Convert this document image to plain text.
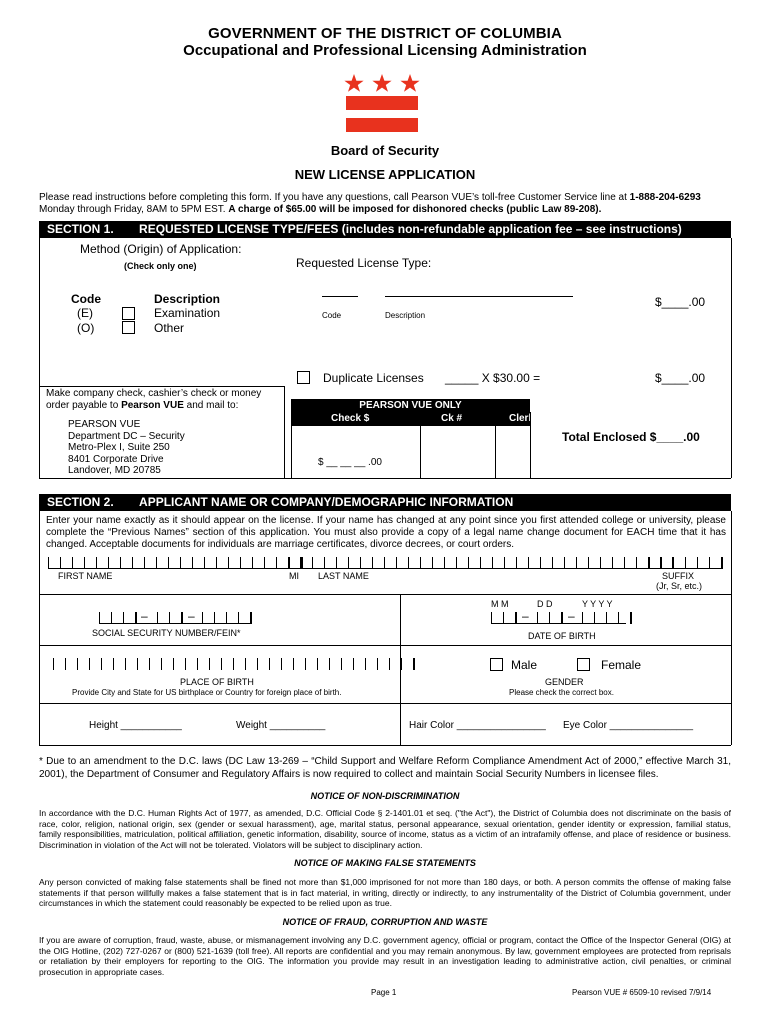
GOVERNMENT OF THE DISTRICT OF COLUMBIA
Occupational and Professional Licensing Administration
Board of Security
NEW LICENSE APPLICATION
Please read instructions before completing this form. If you have any questions, call Pearson VUE’s toll-free Customer Service line at 1-888-204-6293
Monday through Friday, 8AM to 5PM EST. A charge of $65.00 will be imposed for dishonored checks (public Law 89-208).
SECTION 1. REQUESTED LICENSE TYPE/FEES (includes non-refundable application fee – see instructions)
Method (Origin) of Application:
(Check only one)	Requested License Type:
Code	Description
(E)	Examination
(O)	Other
Code	Description
$____.00
Duplicate Licenses _____ X $30.00 =	$____.00
Make company check, cashier’s check or money
order payable to Pearson VUE and mail to:
PEARSON VUE
Department DC – Security
Metro-Plex I, Suite 250
8401 Corporate Drive
Landover, MD 20785
PEARSON VUE ONLY
Check $	Ck #	Clerk
$ __ __ __ .00
Total Enclosed $____.00
SECTION 2. APPLICANT NAME OR COMPANY/DEMOGRAPHIC INFORMATION
Enter your name exactly as it should appear on the license. If your name has changed at any point since you first attended college or university, please complete the “Previous Names” section of this application. You must also provide a copy of a legal name change document for EACH time that it has changed. Acceptable documents for individuals are marriage certificates, divorce decrees, or court orders.
FIRST NAME	MI LAST NAME	SUFFIX
(Jr, Sr, etc.)
–	–
SOCIAL SECURITY NUMBER/FEIN*
M M	D D	Y Y Y Y
–	–
DATE OF BIRTH
PLACE OF BIRTH
Provide City and State for US birthplace or Country for foreign place of birth.
Male	Female
GENDER
Please check the correct box.
Height ___________	Weight __________	Hair Color ________________ Eye Color _______________
* Due to an amendment to the D.C. laws (DC Law 13-269 – “Child Support and Welfare Reform Compliance Amendment Act of 2000,” effective March 31, 2001), the Department of Consumer and Regulatory Affairs is now required to collect and maintain Social Security Numbers in licensee files.
NOTICE OF NON-DISCRIMINATION
In accordance with the D.C. Human Rights Act of 1977, as amended, D.C. Official Code § 2-1401.01 et seq. ("the Act"), the District of Columbia does not discriminate on the basis of race, color, religion, national origin, sex (gender or sexual harassment), age, marital status, personal appearance, sexual orientation, gender identity or expression, familial status, family responsibilities, matriculation, political affiliation, genetic information, disability, source of income, status as a victim of an intrafamily offense, and place of residence or business. Discrimination in violation of the Act will not be tolerated. Violators will be subject to disciplinary action.
NOTICE OF MAKING FALSE STATEMENTS
Any person convicted of making false statements shall be fined not more than $1,000 imprisoned for not more than 180 days, or both. A person commits the offense of making false statements if that person willfully makes a false statement that is in fact material, in writing, directly or indirectly, to any instrumentality of the District of Columbia government, under circumstances in which the statement could reasonably be expected to be relied upon as true.
NOTICE OF FRAUD, CORRUPTION AND WASTE
If you are aware of corruption, fraud, waste, abuse, or mismanagement involving any D.C. government agency, official or program, contact the Office of the Inspector General (OIG) at the OIG Hotline, (202) 727-0267 or (800) 521-1639 (toll free). All reports are confidential and you may remain anonymous. By law, government employees are protected from reprisals or retaliation by their employers for reporting to the OIG. The information you provide may result in an investigation leading to administrative action, civil penalties, or criminal prosecution in appropriate cases.
Page 1	Pearson VUE # 6509-10 revised 7/9/14
